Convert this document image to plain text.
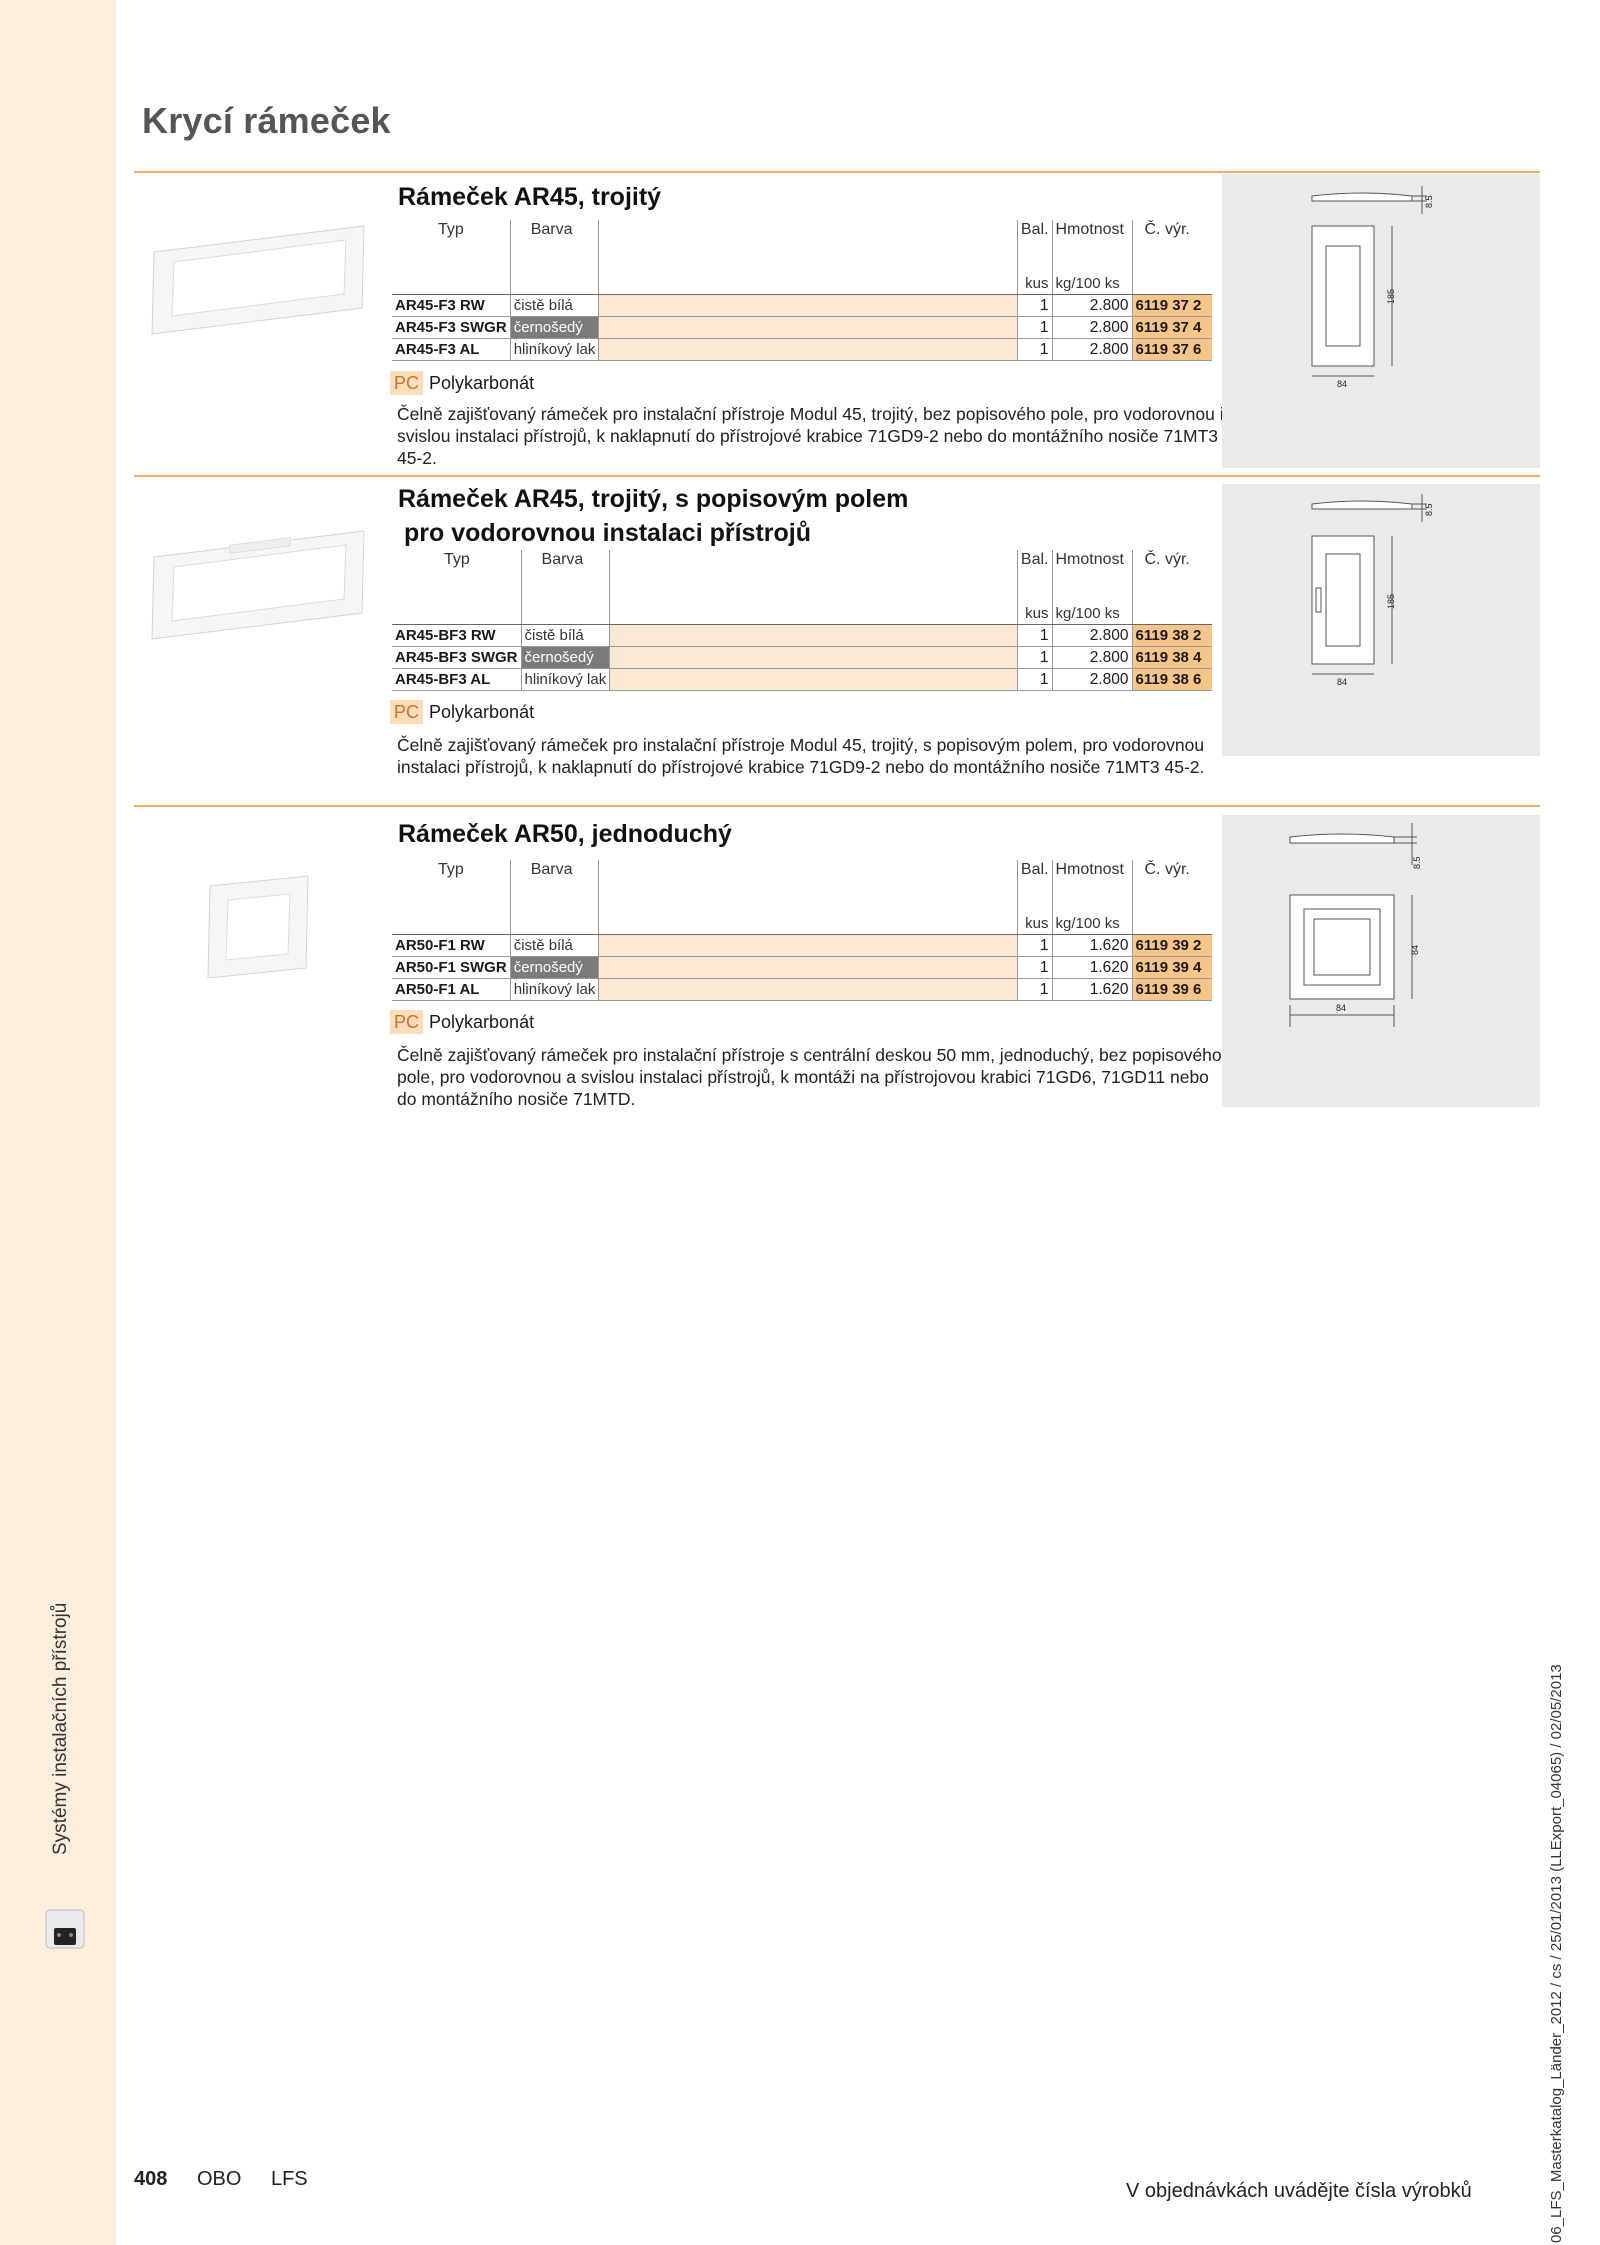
Systémy instalačních přístrojů
Krycí rámeček
Rámeček AR45, trojitý
Typ	Barva		Bal.	Hmotnost	Č. výr.

			kus	kg/100 ks	
AR45-F3 RW	čistě bílá		1	2.800	6119 37 2
AR45-F3 SWGR	černošedý		1	2.800	6119 37 4
AR45-F3 AL	hliníkový lak		1	2.800	6119 37 6
PC Polykarbonát
Čelně zajišťovaný rámeček pro instalační přístroje Modul 45, trojitý, bez popisového pole, pro vodorovnou i svislou instalaci přístrojů, k naklapnutí do přístrojové krabice 71GD9-2 nebo do montážního nosiče 71MT3 45-2.
8.5
185
84
Rámeček AR45, trojitý, s popisovým polem
pro vodorovnou instalaci přístrojů
Typ	Barva		Bal.	Hmotnost	Č. výr.

			kus	kg/100 ks	
AR45-BF3 RW	čistě bílá		1	2.800	6119 38 2
AR45-BF3 SWGR	černošedý		1	2.800	6119 38 4
AR45-BF3 AL	hliníkový lak		1	2.800	6119 38 6
PC Polykarbonát
Čelně zajišťovaný rámeček pro instalační přístroje Modul 45, trojitý, s popisovým polem, pro vodorovnou instalaci přístrojů, k naklapnutí do přístrojové krabice 71GD9-2 nebo do montážního nosiče 71MT3 45-2.
8.5
185
84
Rámeček AR50, jednoduchý
Typ	Barva		Bal.	Hmotnost	Č. výr.

			kus	kg/100 ks	
AR50-F1 RW	čistě bílá		1	1.620	6119 39 2
AR50-F1 SWGR	černošedý		1	1.620	6119 39 4
AR50-F1 AL	hliníkový lak		1	1.620	6119 39 6
PC Polykarbonát
Čelně zajišťovaný rámeček pro instalační přístroje s centrální deskou 50 mm, jednoduchý, bez popisového pole, pro vodorovnou a svislou instalaci přístrojů, k montáži na přístrojovou krabici 71GD6, 71GD11 nebo do montážního nosiče 71MTD.
8.5
84
84
408 OBO LFS
V objednávkách uvádějte čísla výrobků	06_LFS_Masterkatalog_Länder_2012 / cs / 25/01/2013 (LLExport_04065) / 02/05/2013
